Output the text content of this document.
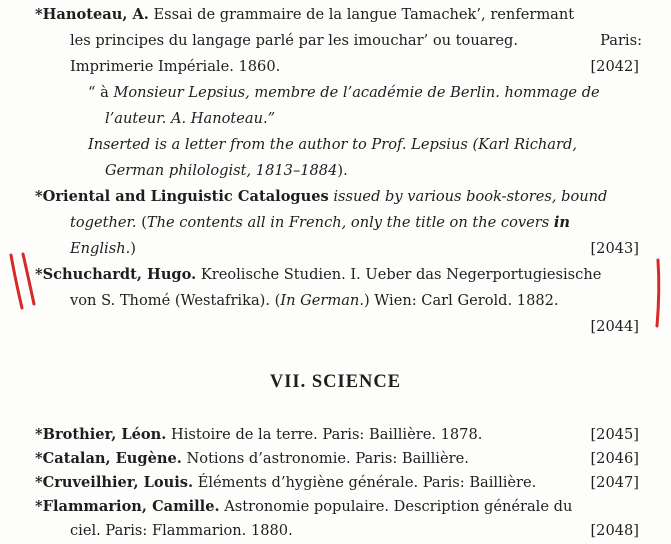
*Hanoteau, A. Essai de grammaire de la langue Tamachek’, renfermant
les principes du langage parlé par les imouchar’ ou touareg.	Paris:
Imprimerie Impériale. 1860.	[2042]
“ à Monsieur Lepsius, membre de l’académie de Berlin. hommage de
l’auteur. A. Hanoteau.”
Inserted is a letter from the author to Prof. Lepsius (Karl Richard,
German philologist, 1813–1884).
*Oriental and Linguistic Catalogues issued by various book-stores, bound
together. (The contents all in French, only the title on the covers in
English.)	[2043]
*Schuchardt, Hugo. Kreolische Studien. I. Ueber das Negerportugiesische
von S. Thomé (Westafrika). (In German.) Wien: Carl Gerold. 1882.
[2044]
VII. SCIENCE
*Brothier, Léon. Histoire de la terre. Paris: Baillière. 1878.	[2045]
*Catalan, Eugène. Notions d’astronomie. Paris: Baillière.	[2046]
*Cruveilhier, Louis. Éléments d’hygiène générale. Paris: Baillière.	[2047]
*Flammarion, Camille. Astronomie populaire. Description générale du
ciel. Paris: Flammarion. 1880.	[2048]
